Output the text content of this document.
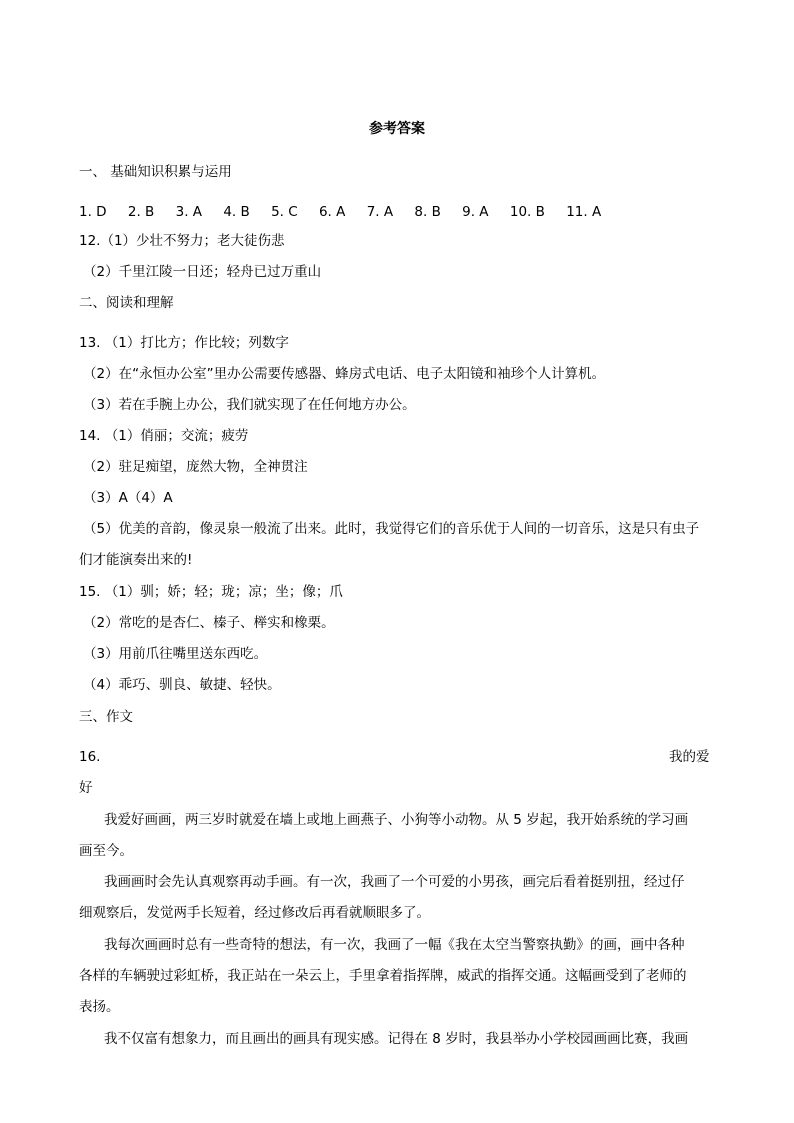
参考答案
一、 基础知识积累与运用
1. D 2. B 3. A 4. B 5. C 6. A 7. A 8. B 9. A 10. B 11. A
12.（1）少壮不努力；老大徒伤悲
（2）千里江陵一日还；轻舟已过万重山
二、阅读和理解
13. （1）打比方；作比较；列数字
（2）在“永恒办公室”里办公需要传感器、蜂房式电话、电子太阳镜和袖珍个人计算机。
（3）若在手腕上办公，我们就实现了在任何地方办公。
14. （1）俏丽；交流；疲劳
（2）驻足痴望，庞然大物，全神贯注
（3）A（4）A
（5）优美的音韵，像灵泉一般流了出来。此时，我觉得它们的音乐优于人间的一切音乐，这是只有虫子
们才能演奏出来的!
15. （1）驯；娇；轻；珑；凉；坐；像；爪
（2）常吃的是杏仁、榛子、榉实和橡栗。
（3）用前爪往嘴里送东西吃。
（4）乖巧、驯良、敏捷、轻快。
三、作文
16.	我的爱
好
我爱好画画，两三岁时就爱在墙上或地上画燕子、小狗等小动物。从 5 岁起，我开始系统的学习画
画至今。
我画画时会先认真观察再动手画。有一次，我画了一个可爱的小男孩，画完后看着挺别扭，经过仔
细观察后，发觉两手长短着，经过修改后再看就顺眼多了。
我每次画画时总有一些奇特的想法，有一次，我画了一幅《我在太空当警察执勤》的画，画中各种
各样的车辆驶过彩虹桥，我正站在一朵云上，手里拿着指挥牌，威武的指挥交通。这幅画受到了老师的
表扬。
我不仅富有想象力，而且画出的画具有现实感。记得在 8 岁时，我县举办小学校园画画比赛，我画
